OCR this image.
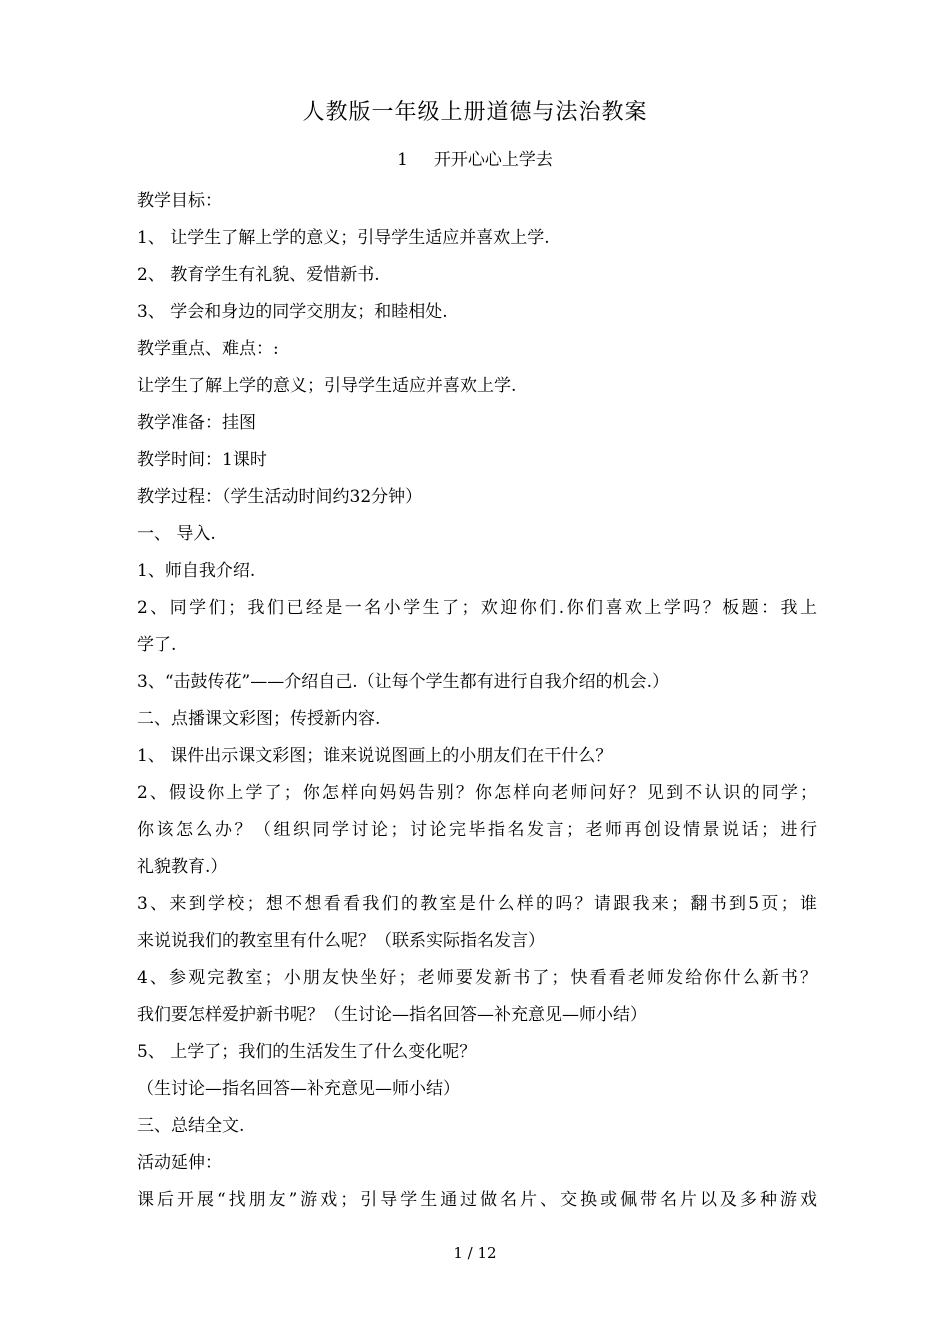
人教版一年级上册道德与法治教案
1 开开心心上学去
教学目标：
1、 让学生了解上学的意义；引导学生适应并喜欢上学.
2、 教育学生有礼貌、爱惜新书.
3、 学会和身边的同学交朋友；和睦相处.
教学重点、难点：:
让学生了解上学的意义；引导学生适应并喜欢上学.
教学准备：挂图
教学时间：1课时
教学过程：（学生活动时间约32分钟）
一、 导入.
1、师自我介绍.
2、同学们；我们已经是一名小学生了；欢迎你们.你们喜欢上学吗？板题：我上
学了.
3、“击鼓传花”——介绍自己.（让每个学生都有进行自我介绍的机会.）
二、点播课文彩图；传授新内容.
1、 课件出示课文彩图；谁来说说图画上的小朋友们在干什么？
2、假设你上学了；你怎样向妈妈告别？你怎样向老师问好？见到不认识的同学；
你该怎么办？（组织同学讨论；讨论完毕指名发言；老师再创设情景说话；进行
礼貌教育.）
3、来到学校；想不想看看我们的教室是什么样的吗？请跟我来；翻书到5页；谁
来说说我们的教室里有什么呢？（联系实际指名发言）
4、参观完教室；小朋友快坐好；老师要发新书了；快看看老师发给你什么新书？
我们要怎样爱护新书呢？（生讨论—指名回答—补充意见—师小结）
5、 上学了；我们的生活发生了什么变化呢？
（生讨论—指名回答—补充意见—师小结）
三、总结全文.
活动延伸：
课后开展“找朋友”游戏；引导学生通过做名片、交换或佩带名片以及多种游戏
1 / 12
